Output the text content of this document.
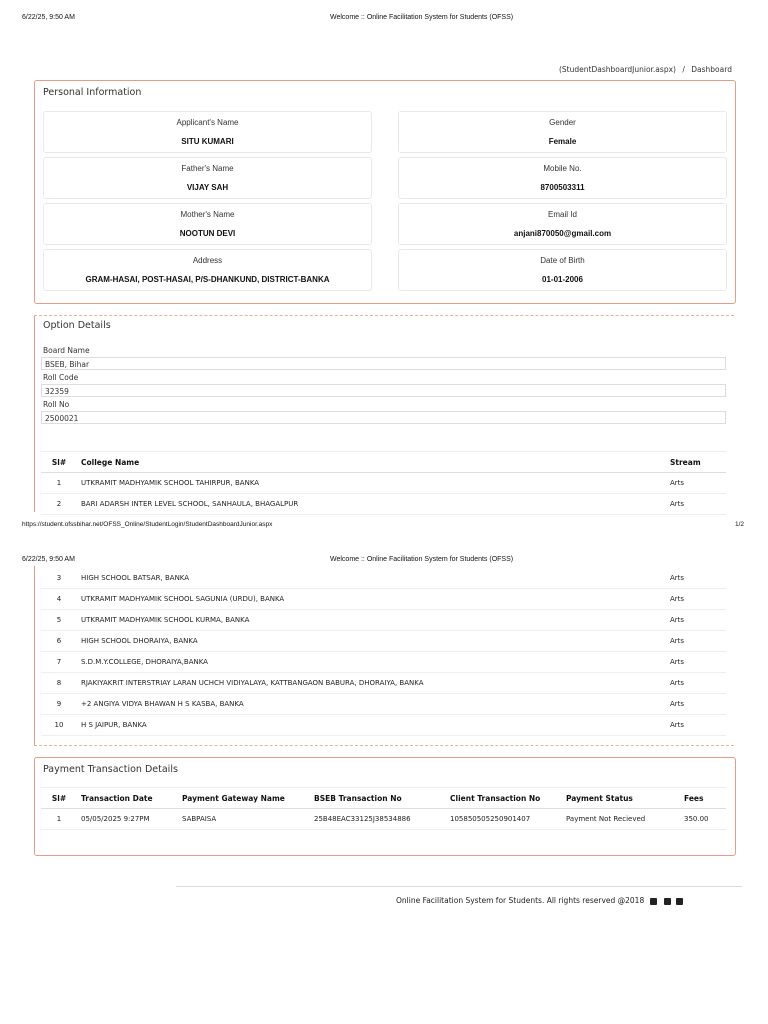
6/22/25, 9:50 AM	Welcome :: Online Facilitation System for Students (OFSS)
(StudentDashboardJunior.aspx) / Dashboard
Personal Information
Applicant's Name
SITU KUMARI
Gender
Female
Father's Name
VIJAY SAH
Mobile No.
8700503311
Mother's Name
NOOTUN DEVI
Email Id
anjani870050@gmail.com
Address
GRAM-HASAI, POST-HASAI, P/S-DHANKUND, DISTRICT-BANKA
Date of Birth
01-01-2006
Option Details
Board Name
BSEB, Bihar
Roll Code
32359
Roll No
2500021
Sl#	College Name	Stream
1	UTKRAMIT MADHYAMIK SCHOOL TAHIRPUR, BANKA	Arts
2	BARI ADARSH INTER LEVEL SCHOOL, SANHAULA, BHAGALPUR	Arts
https://student.ofssbihar.net/OFSS_Online/StudentLogin/StudentDashboardJunior.aspx	1/2
6/22/25, 9:50 AM	Welcome :: Online Facilitation System for Students (OFSS)
3	HIGH SCHOOL BATSAR, BANKA	Arts
4	UTKRAMIT MADHYAMIK SCHOOL SAGUNIA (URDU), BANKA	Arts
5	UTKRAMIT MADHYAMIK SCHOOL KURMA, BANKA	Arts
6	HIGH SCHOOL DHORAIYA, BANKA	Arts
7	S.D.M.Y.COLLEGE, DHORAIYA,BANKA	Arts
8	RJAKIYAKRIT INTERSTRIAY LARAN UCHCH VIDIYALAYA, KATTBANGAON BABURA, DHORAIYA, BANKA	Arts
9	+2 ANGIYA VIDYA BHAWAN H S KASBA, BANKA	Arts
10	H S JAIPUR, BANKA	Arts
Payment Transaction Details
Sl#	Transaction Date	Payment Gateway Name	BSEB Transaction No	Client Transaction No	Payment Status	Fees
1	05/05/2025 9:27PM	SABPAISA	25B48EAC33125J38534886	105850505250901407	Payment Not Recieved	350.00
Online Facilitation System for Students. All rights reserved @2018
